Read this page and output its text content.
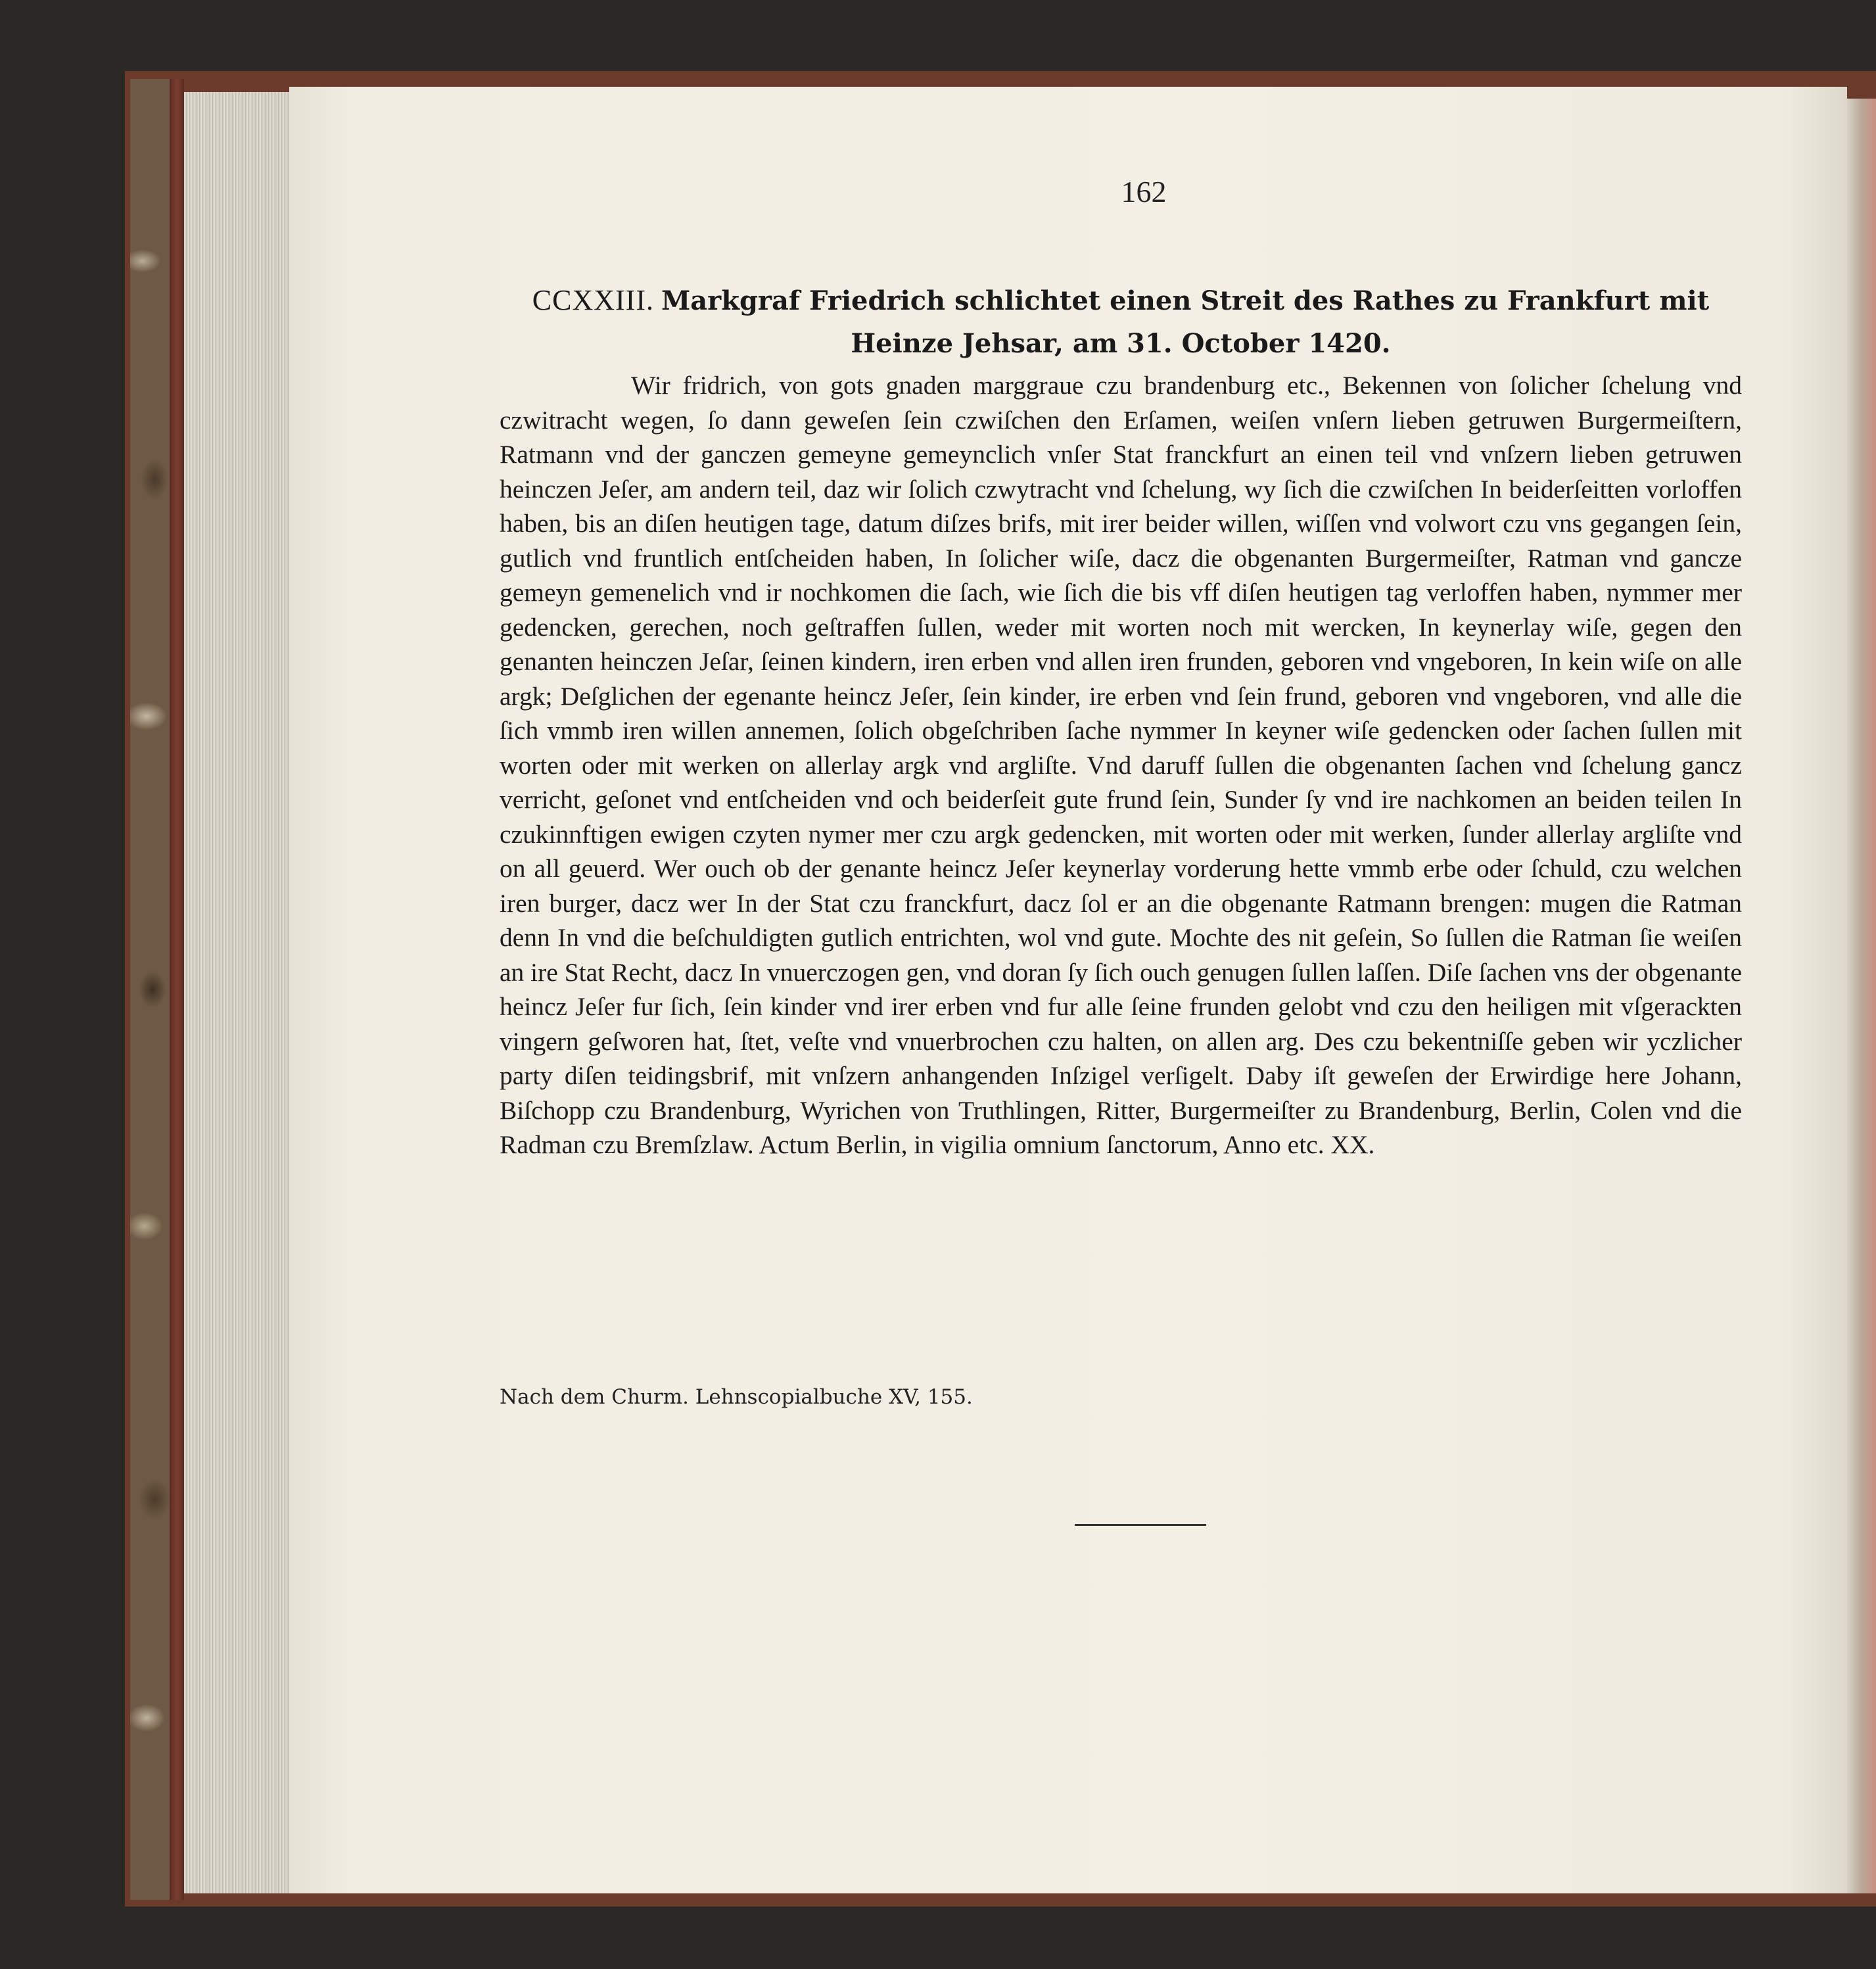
162
CCXXIII. Markgraf Friedrich schlichtet einen Streit des Rathes zu Frankfurt mit Heinze Jehsar, am 31. October 1420.
Wir fridrich, von gots gnaden marggraue czu brandenburg etc., Bekennen von ſolicher ſchelung vnd czwitracht wegen, ſo dann geweſen ſein czwiſchen den Erſamen, weiſen vnſern lieben getruwen Burgermeiſtern, Ratmann vnd der ganczen gemeyne gemeynclich vnſer Stat franckfurt an einen teil vnd vnſzern lieben getruwen heinczen Jeſer, am andern teil, daz wir ſolich czwytracht vnd ſchelung, wy ſich die czwiſchen In beiderſeitten vorloffen haben, bis an diſen heutigen tage, datum diſzes brifs, mit irer beider willen, wiſſen vnd volwort czu vns gegangen ſein, gutlich vnd fruntlich entſcheiden haben, In ſolicher wiſe, dacz die obgenanten Burgermeiſter, Ratman vnd gancze gemeyn gemenelich vnd ir nochkomen die ſach, wie ſich die bis vff diſen heutigen tag verloffen haben, nymmer mer gedencken, gerechen, noch geſtraffen ſullen, weder mit worten noch mit wercken, In keynerlay wiſe, gegen den genanten heinczen Jeſar, ſeinen kindern, iren erben vnd allen iren frunden, geboren vnd vngeboren, In kein wiſe on alle argk; Deſglichen der egenante heincz Jeſer, ſein kinder, ire erben vnd ſein frund, geboren vnd vngeboren, vnd alle die ſich vmmb iren willen annemen, ſolich obgeſchriben ſache nymmer In keyner wiſe gedencken oder ſachen ſullen mit worten oder mit werken on allerlay argk vnd argliſte. Vnd daruff ſullen die obgenanten ſachen vnd ſchelung gancz verricht, geſonet vnd entſcheiden vnd och beiderſeit gute frund ſein, Sunder ſy vnd ire nachkomen an beiden teilen In czukinnftigen ewigen czyten nymer mer czu argk gedencken, mit worten oder mit werken, ſunder allerlay argliſte vnd on all geuerd. Wer ouch ob der genante heincz Jeſer keynerlay vorderung hette vmmb erbe oder ſchuld, czu welchen iren burger, dacz wer In der Stat czu franckfurt, dacz ſol er an die obgenante Ratmann brengen: mugen die Ratman denn In vnd die beſchuldigten gutlich entrichten, wol vnd gute. Mochte des nit geſein, So ſullen die Ratman ſie weiſen an ire Stat Recht, dacz In vnuerczogen gen, vnd doran ſy ſich ouch genugen ſullen laſſen. Diſe ſachen vns der obgenante heincz Jeſer fur ſich, ſein kinder vnd irer erben vnd fur alle ſeine frunden gelobt vnd czu den heiligen mit vſgerackten vingern geſworen hat, ſtet, veſte vnd vnuerbrochen czu halten, on allen arg. Des czu bekentniſſe geben wir yczlicher party diſen teidingsbrif, mit vnſzern anhangenden Inſzigel verſigelt. Daby iſt geweſen der Erwirdige here Johann, Biſchopp czu Brandenburg, Wyrichen von Truthlingen, Ritter, Burgermeiſter zu Brandenburg, Berlin, Colen vnd die Radman czu Bremſzlaw. Actum Berlin, in vigilia omnium ſanctorum, Anno etc. XX.
Nach dem Churm. Lehnscopialbuche XV, 155.
